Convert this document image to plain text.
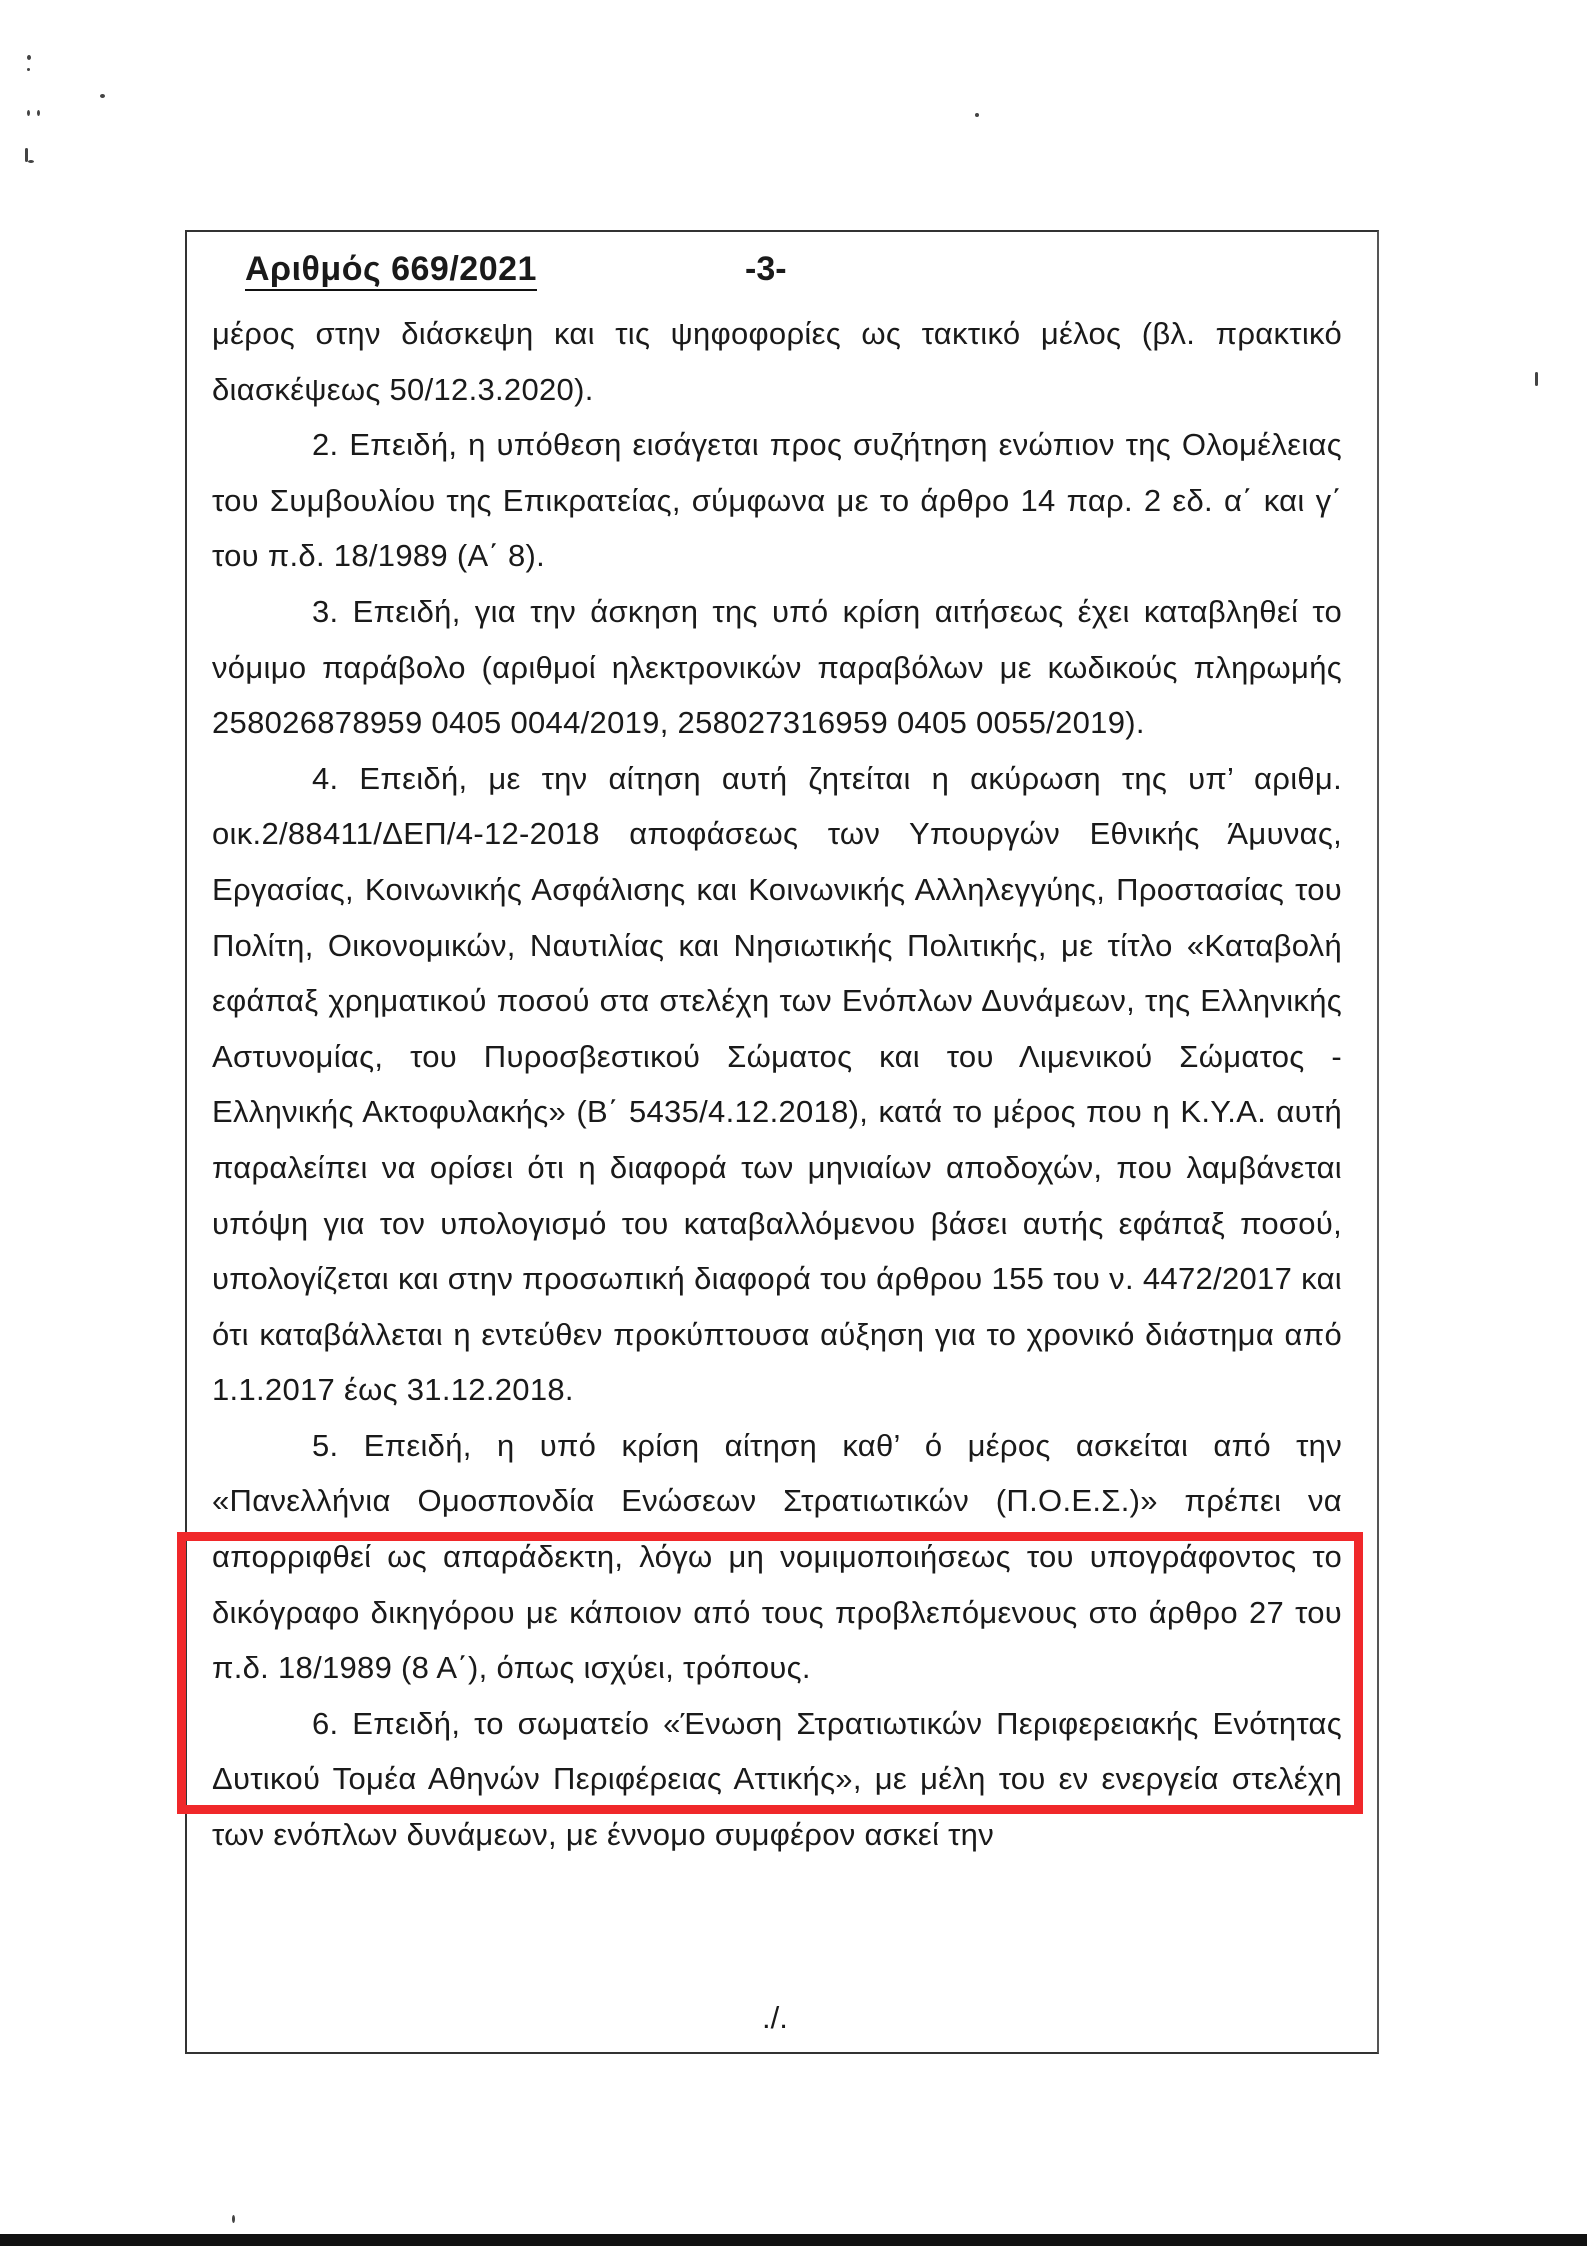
Αριθμός 669/2021	-3-

μέρος στην διάσκεψη και τις ψηφοφορίες ως τακτικό μέλος (βλ. πρακτικό διασκέψεως 50/12.3.2020).

2. Επειδή, η υπόθεση εισάγεται προς συζήτηση ενώπιον της Ολομέλειας του Συμβουλίου της Επικρατείας, σύμφωνα με το άρθρο 14 παρ. 2 εδ. α΄ και γ΄ του π.δ. 18/1989 (Α΄ 8).

3. Επειδή, για την άσκηση της υπό κρίση αιτήσεως έχει καταβληθεί το νόμιμο παράβολο (αριθμοί ηλεκτρονικών παραβόλων με κωδικούς πληρωμής 258026878959 0405 0044/2019, 258027316959 0405 0055/2019).

4. Επειδή, με την αίτηση αυτή ζητείται η ακύρωση της υπ’ αριθμ. οικ.2/88411/ΔΕΠ/4-12-2018 αποφάσεως των Υπουργών Εθνικής Άμυνας, Εργασίας, Κοινωνικής Ασφάλισης και Κοινωνικής Αλληλεγγύης, Προστασίας του Πολίτη, Οικονομικών, Ναυτιλίας και Νησιωτικής Πολιτικής, με τίτλο «Καταβολή εφάπαξ χρηματικού ποσού στα στελέχη των Ενόπλων Δυνάμεων, της Ελληνικής Αστυνομίας, του Πυροσβεστικού Σώματος και του Λιμενικού Σώματος - Ελληνικής Ακτοφυλακής» (Β΄ 5435/4.12.2018), κατά το μέρος που η Κ.Υ.Α. αυτή παραλείπει να ορίσει ότι η διαφορά των μηνιαίων αποδοχών, που λαμβάνεται υπόψη για τον υπολογισμό του καταβαλλόμενου βάσει αυτής εφάπαξ ποσού, υπολογίζεται και στην προσωπική διαφορά του άρθρου 155 του ν. 4472/2017 και ότι καταβάλλεται η εντεύθεν προκύπτουσα αύξηση για το χρονικό διάστημα από 1.1.2017 έως 31.12.2018.

5. Επειδή, η υπό κρίση αίτηση καθ’ ό μέρος ασκείται από την «Πανελλήνια Ομοσπονδία Ενώσεων Στρατιωτικών (Π.Ο.Ε.Σ.)» πρέπει να απορριφθεί ως απαράδεκτη, λόγω μη νομιμοποιήσεως του υπογράφοντος το δικόγραφο δικηγόρου με κάποιον από τους προβλεπόμενους στο άρθρο 27 του π.δ. 18/1989 (8 Α΄), όπως ισχύει, τρόπους.

6. Επειδή, το σωματείο «Ένωση Στρατιωτικών Περιφερειακής Ενότητας Δυτικού Τομέα Αθηνών Περιφέρειας Αττικής», με μέλη του εν ενεργεία στελέχη των ενόπλων δυνάμεων, με έννομο συμφέρον ασκεί την

./.
